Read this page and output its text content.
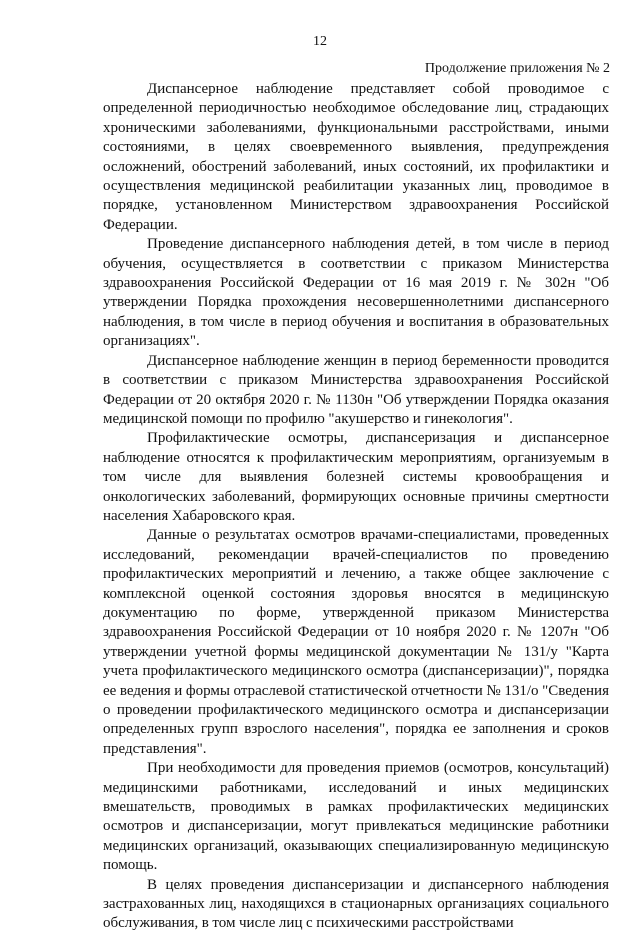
12
Продолжение приложения № 2

Диспансерное наблюдение представляет собой проводимое с определенной периодичностью необходимое обследование лиц, страдающих хроническими заболеваниями, функциональными расстройствами, иными состояниями, в целях своевременного выявления, предупреждения осложнений, обострений заболеваний, иных состояний, их профилактики и осуществления медицинской реабилитации указанных лиц, проводимое в порядке, установленном Министерством здравоохранения Российской Федерации.

Проведение диспансерного наблюдения детей, в том числе в период обучения, осуществляется в соответствии с приказом Министерства здравоохранения Российской Федерации от 16 мая 2019 г. № 302н "Об утверждении Порядка прохождения несовершеннолетними диспансерного наблюдения, в том числе в период обучения и воспитания в образовательных организациях".

Диспансерное наблюдение женщин в период беременности проводится в соответствии с приказом Министерства здравоохранения Российской Федерации от 20 октября 2020 г. № 1130н "Об утверждении Порядка оказания медицинской помощи по профилю "акушерство и гинекология".

Профилактические осмотры, диспансеризация и диспансерное наблюдение относятся к профилактическим мероприятиям, организуемым в том числе для выявления болезней системы кровообращения и онкологических заболеваний, формирующих основные причины смертности населения Хабаровского края.

Данные о результатах осмотров врачами-специалистами, проведенных исследований, рекомендации врачей-специалистов по проведению профилактических мероприятий и лечению, а также общее заключение с комплексной оценкой состояния здоровья вносятся в медицинскую документацию по форме, утвержденной приказом Министерства здравоохранения Российской Федерации от 10 ноября 2020 г. № 1207н "Об утверждении учетной формы медицинской документации № 131/у "Карта учета профилактического медицинского осмотра (диспансеризации)", порядка ее ведения и формы отраслевой статистической отчетности № 131/о "Сведения о проведении профилактического медицинского осмотра и диспансеризации определенных групп взрослого населения", порядка ее заполнения и сроков представления".

При необходимости для проведения приемов (осмотров, консультаций) медицинскими работниками, исследований и иных медицинских вмешательств, проводимых в рамках профилактических медицинских осмотров и диспансеризации, могут привлекаться медицинские работники медицинских организаций, оказывающих специализированную медицинскую помощь.

В целях проведения диспансеризации и диспансерного наблюдения застрахованных лиц, находящихся в стационарных организациях социального обслуживания, в том числе лиц с психическими расстройствами
